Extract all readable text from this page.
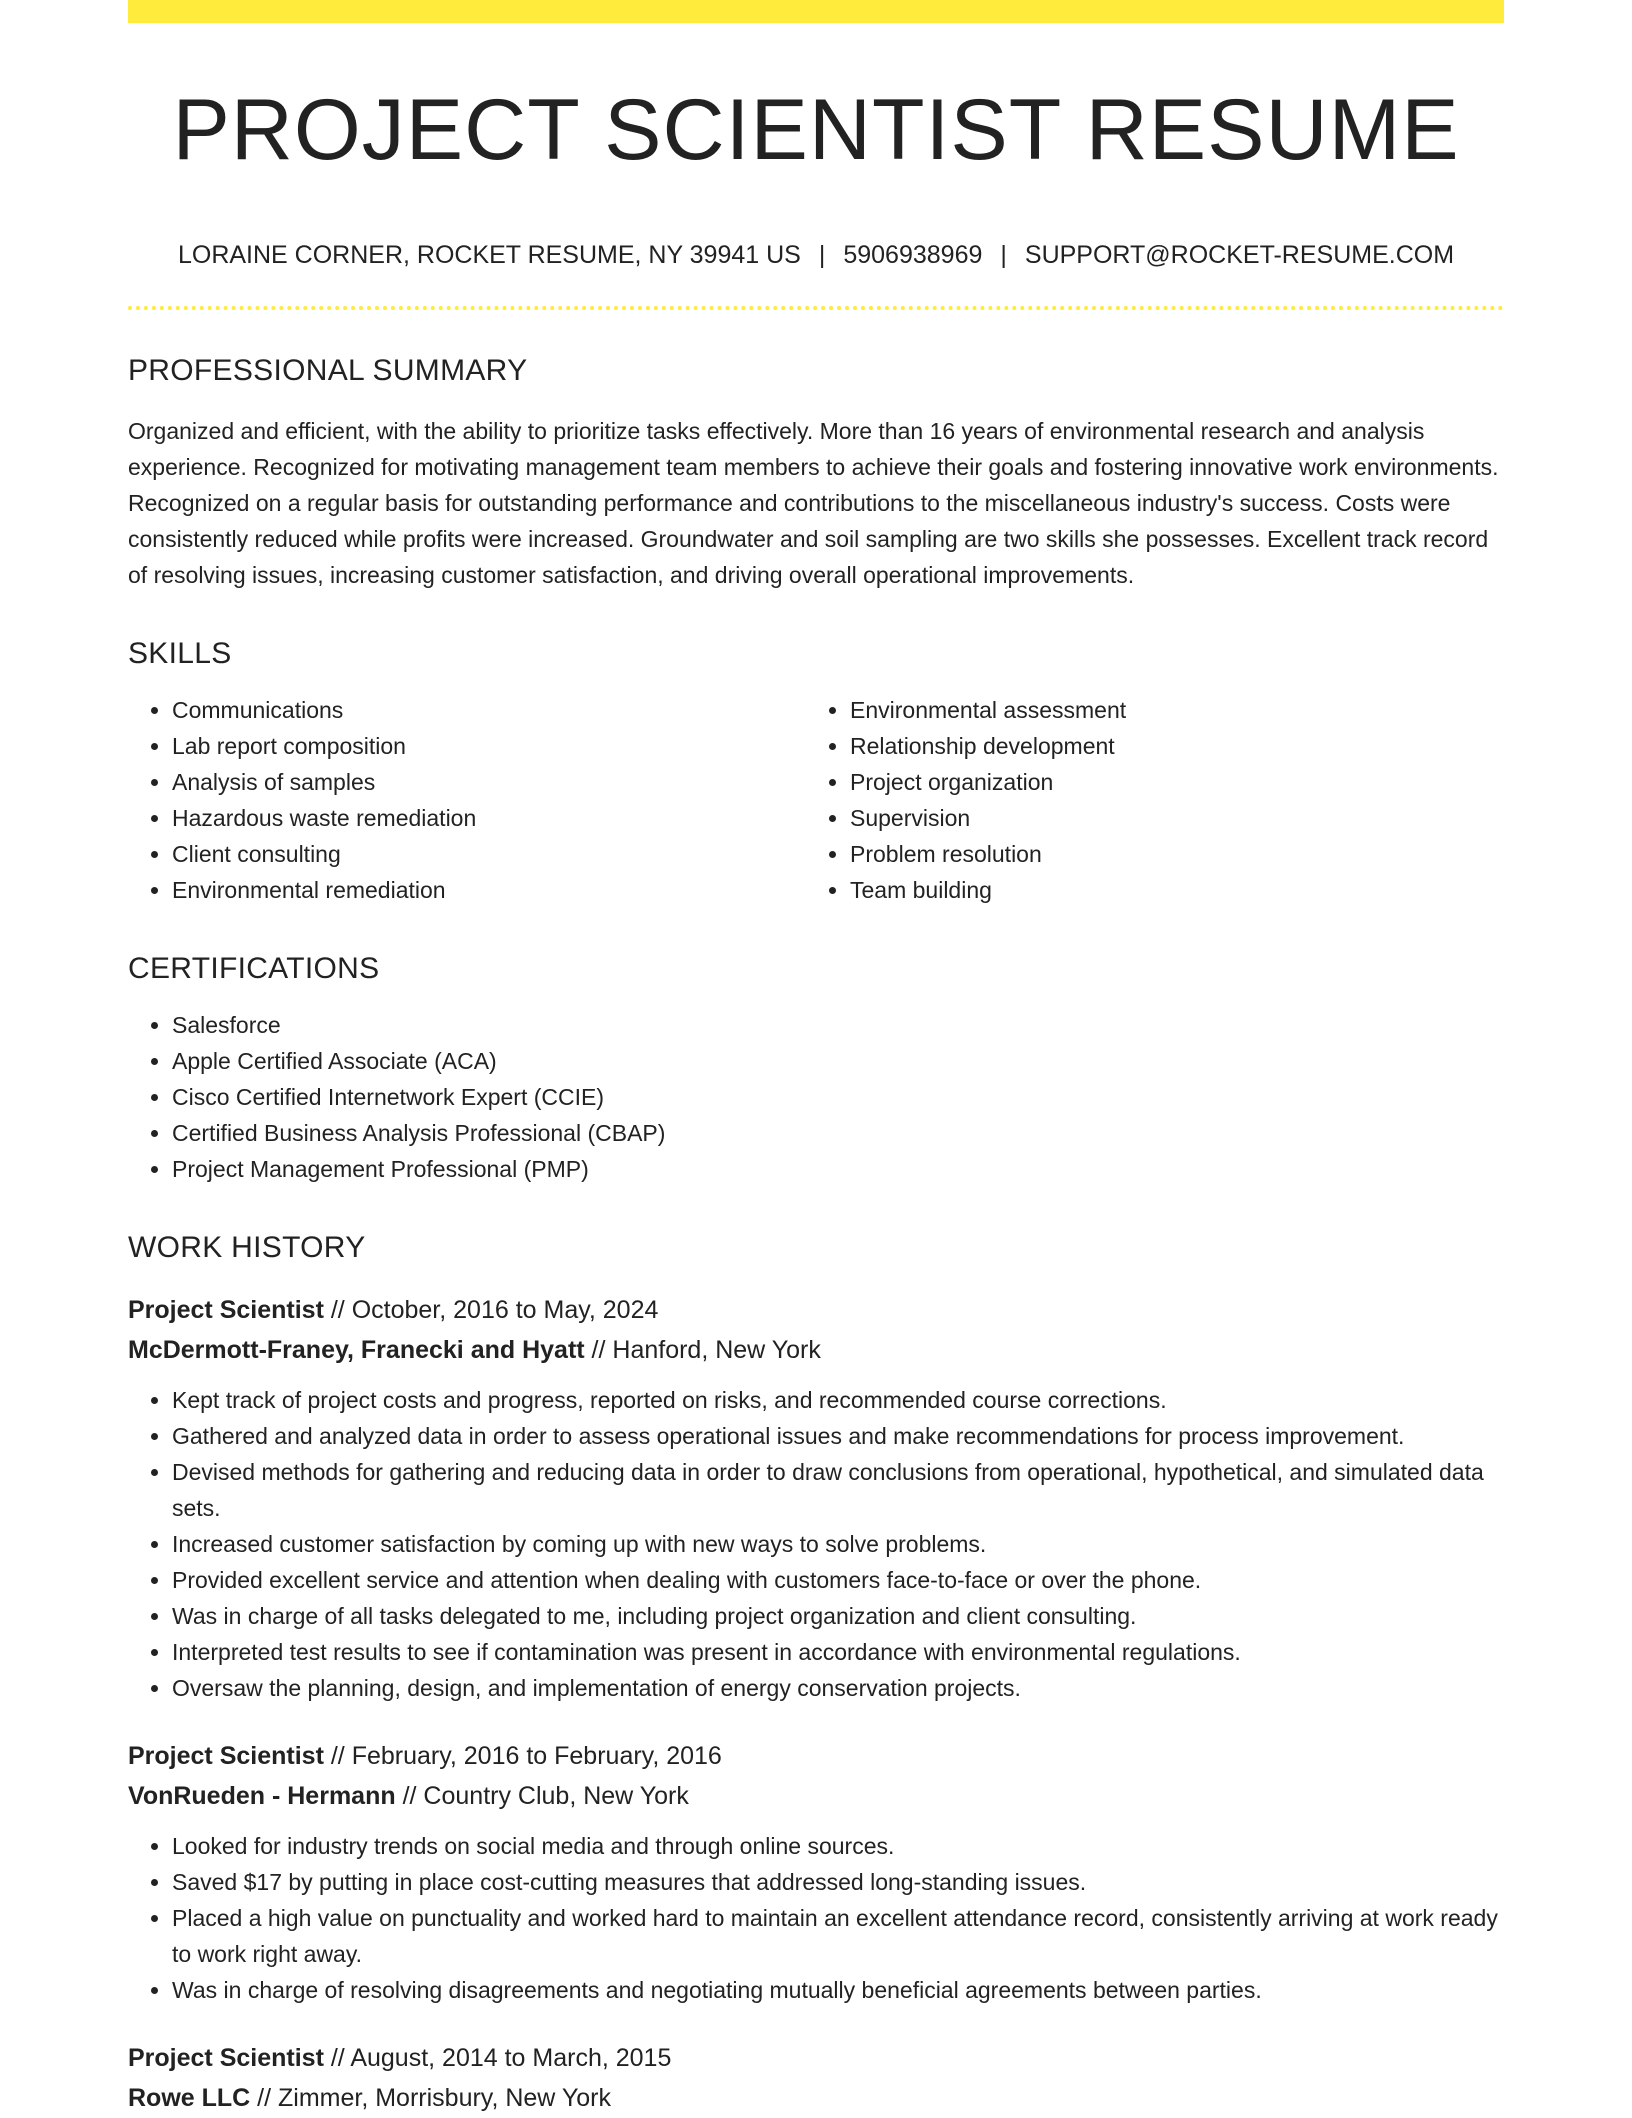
PROJECT SCIENTIST RESUME
LORAINE CORNER, ROCKET RESUME, NY 39941 US | 5906938969 | SUPPORT@ROCKET-RESUME.COM
PROFESSIONAL SUMMARY

Organized and efficient, with the ability to prioritize tasks effectively. More than 16 years of environmental research and analysis experience. Recognized for motivating management team members to achieve their goals and fostering innovative work environments. Recognized on a regular basis for outstanding performance and contributions to the miscellaneous industry's success. Costs were consistently reduced while profits were increased. Groundwater and soil sampling are two skills she possesses. Excellent track record of resolving issues, increasing customer satisfaction, and driving overall operational improvements.

SKILLS
• Communications
• Lab report composition
• Analysis of samples
• Hazardous waste remediation
• Client consulting
• Environmental remediation
• Environmental assessment
• Relationship development
• Project organization
• Supervision
• Problem resolution
• Team building
CERTIFICATIONS
• Salesforce
• Apple Certified Associate (ACA)
• Cisco Certified Internetwork Expert (CCIE)
• Certified Business Analysis Professional (CBAP)
• Project Management Professional (PMP)
WORK HISTORY
Project Scientist // October, 2016 to May, 2024
McDermott-Franey, Franecki and Hyatt // Hanford, New York
• Kept track of project costs and progress, reported on risks, and recommended course corrections.
• Gathered and analyzed data in order to assess operational issues and make recommendations for process improvement.
• Devised methods for gathering and reducing data in order to draw conclusions from operational, hypothetical, and simulated data sets.
• Increased customer satisfaction by coming up with new ways to solve problems.
• Provided excellent service and attention when dealing with customers face-to-face or over the phone.
• Was in charge of all tasks delegated to me, including project organization and client consulting.
• Interpreted test results to see if contamination was present in accordance with environmental regulations.
• Oversaw the planning, design, and implementation of energy conservation projects.
Project Scientist // February, 2016 to February, 2016
VonRueden - Hermann // Country Club, New York
• Looked for industry trends on social media and through online sources.
• Saved $17 by putting in place cost-cutting measures that addressed long-standing issues.
• Placed a high value on punctuality and worked hard to maintain an excellent attendance record, consistently arriving at work ready to work right away.
• Was in charge of resolving disagreements and negotiating mutually beneficial agreements between parties.
Project Scientist // August, 2014 to March, 2015
Rowe LLC // Zimmer, Morrisbury, New York
